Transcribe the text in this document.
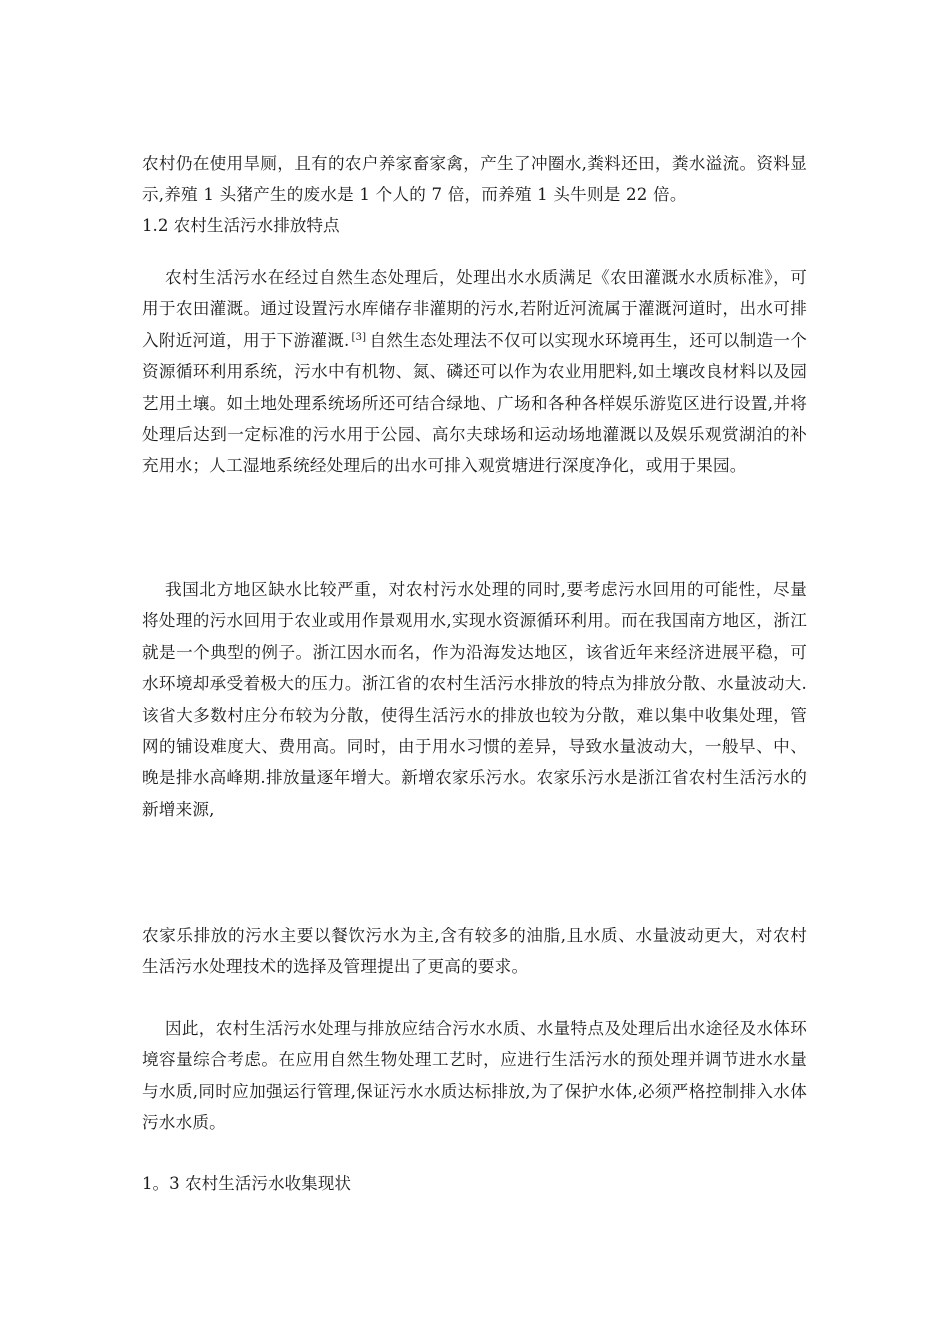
农村仍在使用旱厕，且有的农户养家畜家禽，产生了冲圈水,粪料还田，粪水溢流。资料显示,养殖 1 头猪产生的废水是 1 个人的 7 倍，而养殖 1 头牛则是 22 倍。

1.2 农村生活污水排放特点

农村生活污水在经过自然生态处理后，处理出水水质满足《农田灌溉水水质标准》，可用于农田灌溉。通过设置污水库储存非灌期的污水,若附近河流属于灌溉河道时，出水可排入附近河道，用于下游灌溉. [3] 自然生态处理法不仅可以实现水环境再生，还可以制造一个资源循环利用系统，污水中有机物、氮、磷还可以作为农业用肥料,如土壤改良材料以及园艺用土壤。如土地处理系统场所还可结合绿地、广场和各种各样娱乐游览区进行设置,并将处理后达到一定标准的污水用于公园、高尔夫球场和运动场地灌溉以及娱乐观赏湖泊的补充用水；人工湿地系统经处理后的出水可排入观赏塘进行深度净化，或用于果园。

我国北方地区缺水比较严重，对农村污水处理的同时,要考虑污水回用的可能性，尽量将处理的污水回用于农业或用作景观用水,实现水资源循环利用。而在我国南方地区，浙江就是一个典型的例子。浙江因水而名，作为沿海发达地区，该省近年来经济进展平稳，可水环境却承受着极大的压力。浙江省的农村生活污水排放的特点为排放分散、水量波动大.该省大多数村庄分布较为分散，使得生活污水的排放也较为分散，难以集中收集处理，管网的铺设难度大、费用高。同时，由于用水习惯的差异，导致水量波动大，一般早、中、晚是排水高峰期.排放量逐年增大。新增农家乐污水。农家乐污水是浙江省农村生活污水的新增来源,

农家乐排放的污水主要以餐饮污水为主,含有较多的油脂,且水质、水量波动更大，对农村生活污水处理技术的选择及管理提出了更高的要求。

因此，农村生活污水处理与排放应结合污水水质、水量特点及处理后出水途径及水体环境容量综合考虑。在应用自然生物处理工艺时，应进行生活污水的预处理并调节进水水量与水质,同时应加强运行管理,保证污水水质达标排放,为了保护水体,必须严格控制排入水体污水水质。

1。3 农村生活污水收集现状
